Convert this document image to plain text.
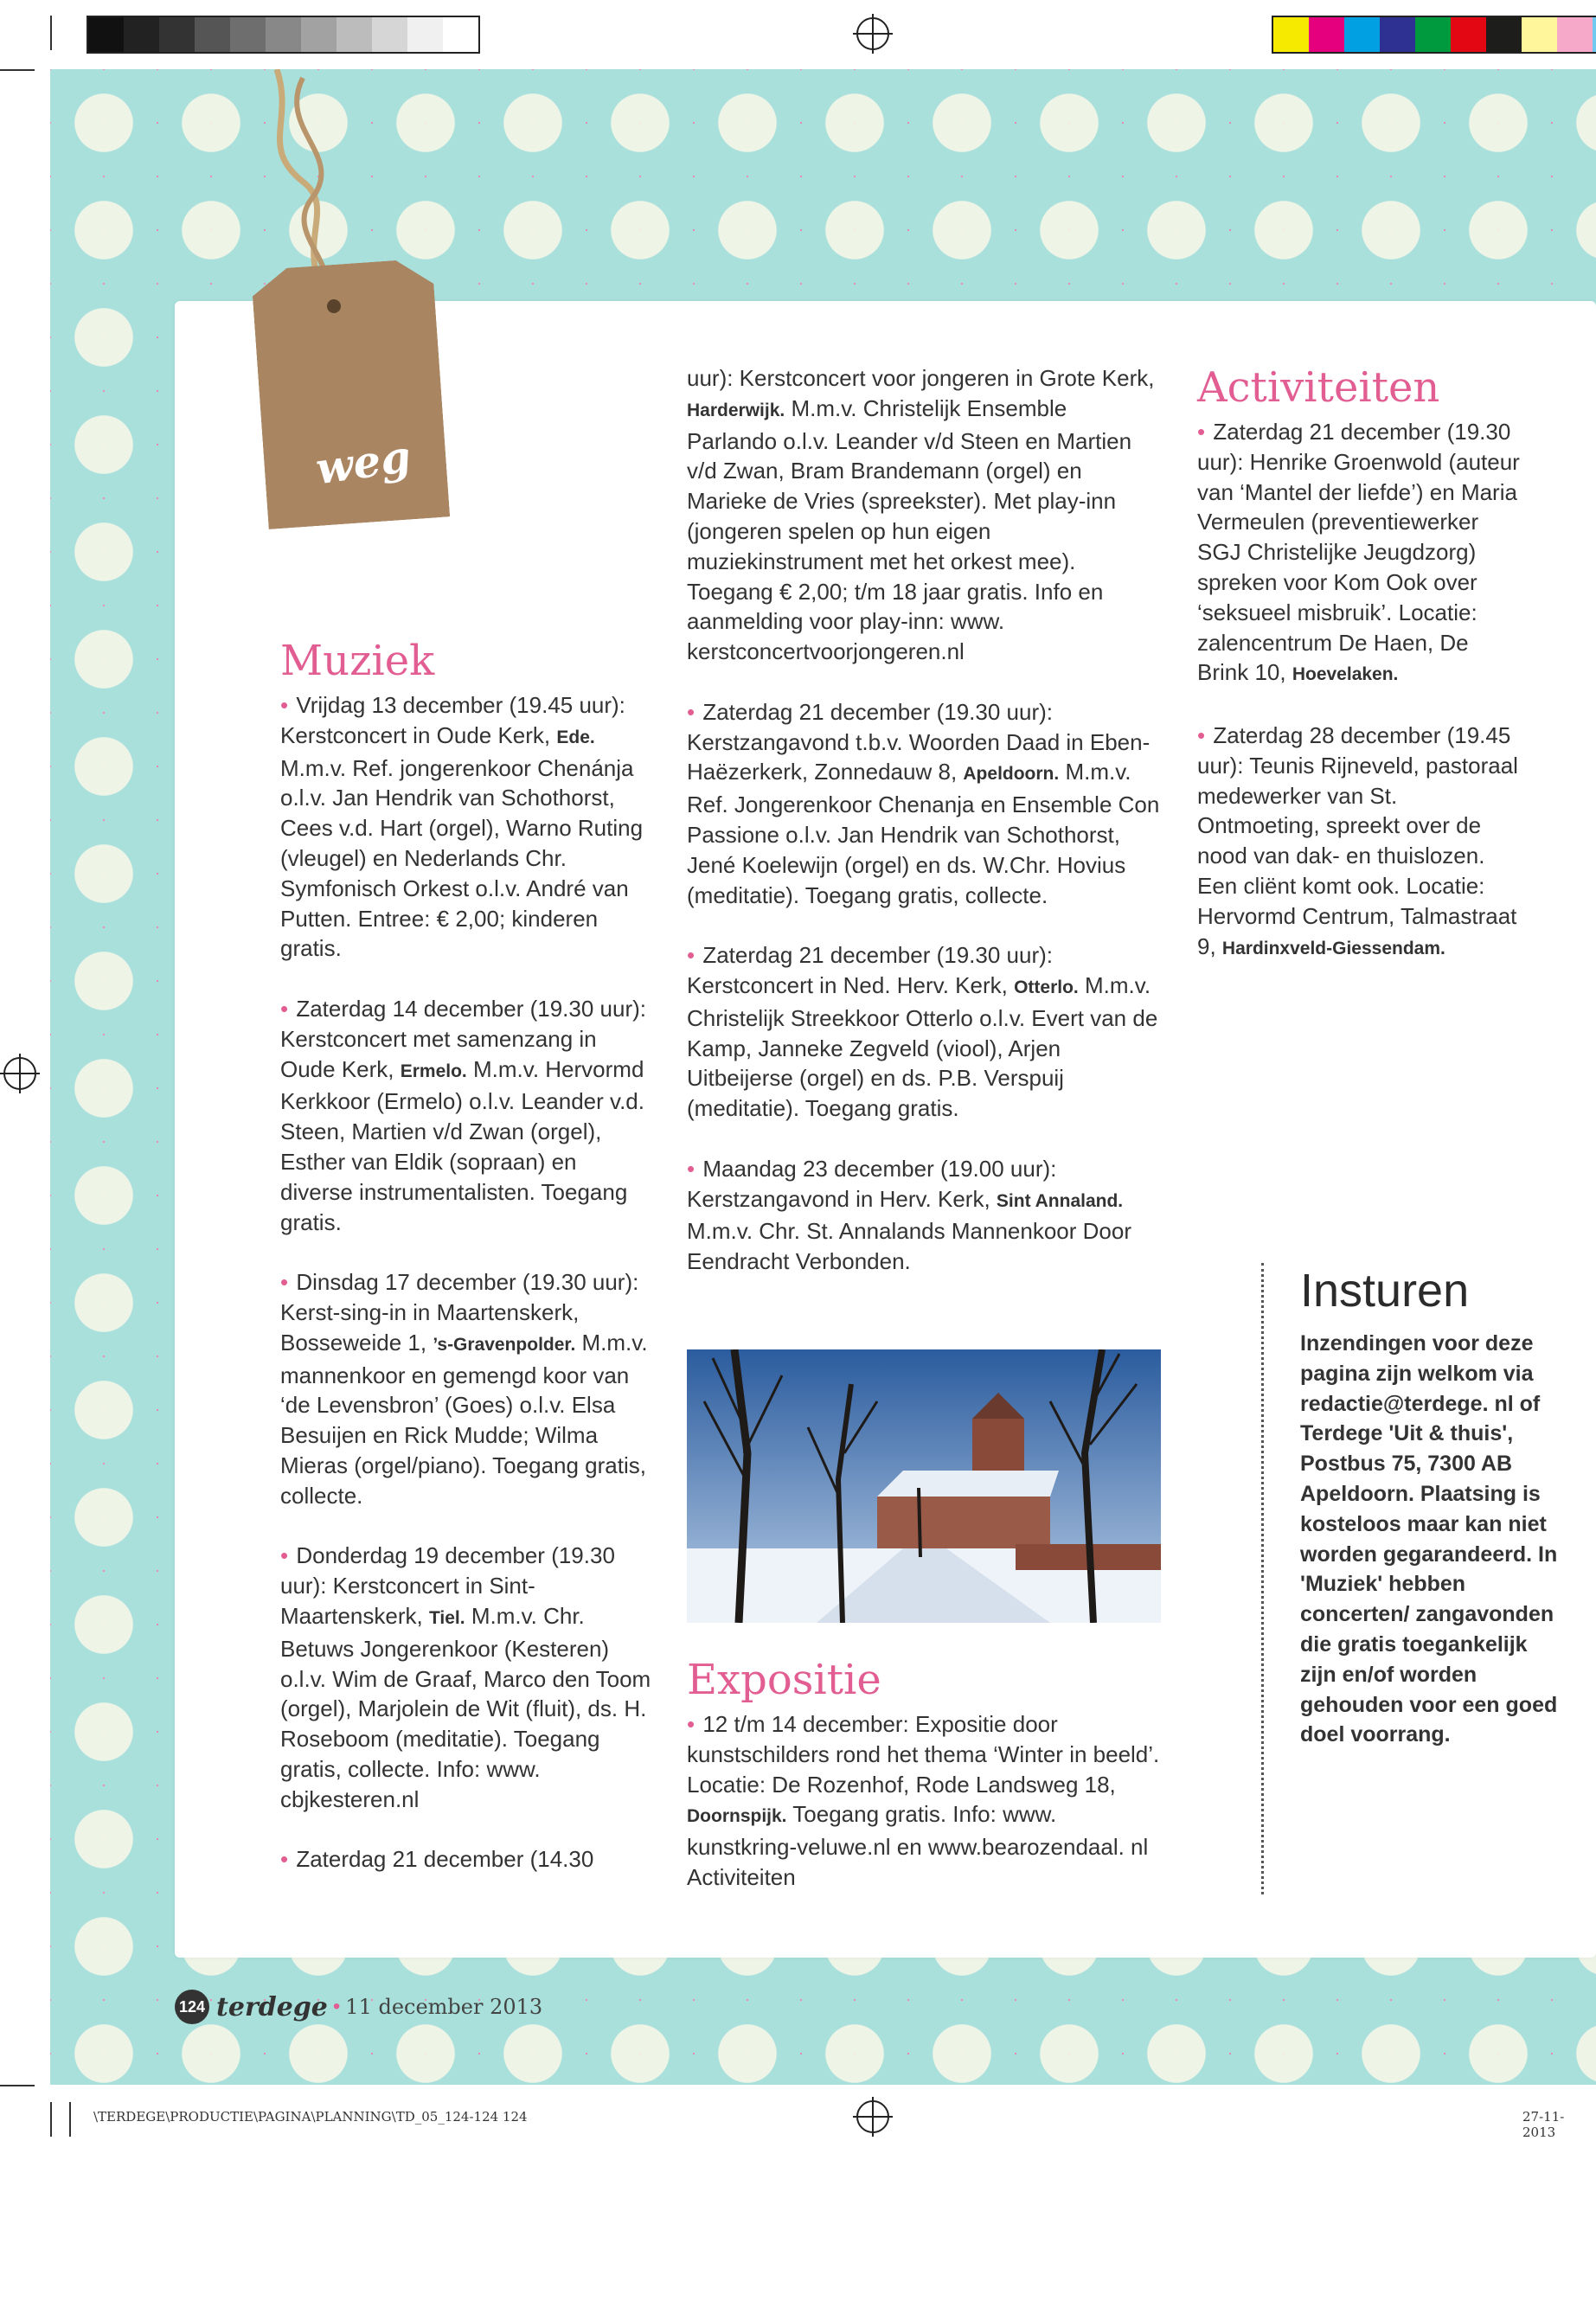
weg
Muziek

• Vrijdag 13 december (19.45 uur): Kerstconcert in Oude Kerk, Ede. M.m.v. Ref. jongerenkoor Chenánja o.l.v. Jan Hendrik van Schothorst, Cees v.d. Hart (orgel), Warno Ruting (vleugel) en Nederlands Chr. Symfonisch Orkest o.l.v. André van Putten. Entree: € 2,00; kinderen gratis.

• Zaterdag 14 december (19.30 uur): Kerstconcert met samenzang in Oude Kerk, Ermelo. M.m.v. Hervormd Kerkkoor (Ermelo) o.l.v. Leander v.d. Steen, Martien v/d Zwan (orgel), Esther van Eldik (sopraan) en diverse instrumentalisten. Toegang gratis.

• Dinsdag 17 december (19.30 uur): Kerst-sing-in in Maartenskerk, Bosseweide 1, ’s-Gravenpolder. M.m.v. mannenkoor en gemengd koor van ‘de Levensbron’ (Goes) o.l.v. Elsa Besuijen en Rick Mudde; Wilma Mieras (orgel/piano). Toegang gratis, collecte.

• Donderdag 19 december (19.30 uur): Kerstconcert in Sint-Maartenskerk, Tiel. M.m.v. Chr. Betuws Jongerenkoor (Kesteren) o.l.v. Wim de Graaf, Marco den Toom (orgel), Marjolein de Wit (fluit), ds. H. Roseboom (meditatie). Toegang gratis, collecte. Info: www. cbjkesteren.nl

• Zaterdag 21 december (14.30

uur): Kerstconcert voor jongeren in Grote Kerk, Harderwijk. M.m.v. Christelijk Ensemble Parlando o.l.v. Leander v/d Steen en Martien v/d Zwan, Bram Brandemann (orgel) en Marieke de Vries (spreekster). Met play-inn (jongeren spelen op hun eigen muziekinstrument met het orkest mee). Toegang € 2,00; t/m 18 jaar gratis. Info en aanmelding voor play-inn: www. kerstconcertvoorjongeren.nl

• Zaterdag 21 december (19.30 uur): Kerstzangavond t.b.v. Woorden Daad in Eben-Haëzerkerk, Zonnedauw 8, Apeldoorn. M.m.v. Ref. Jongerenkoor Chenanja en Ensemble Con Passione o.l.v. Jan Hendrik van Schothorst, Jené Koelewijn (orgel) en ds. W.Chr. Hovius (meditatie). Toegang gratis, collecte.

• Zaterdag 21 december (19.30 uur): Kerstconcert in Ned. Herv. Kerk, Otterlo. M.m.v. Christelijk Streekkoor Otterlo o.l.v. Evert van de Kamp, Janneke Zegveld (viool), Arjen Uitbeijerse (orgel) en ds. P.B. Verspuij (meditatie). Toegang gratis.

• Maandag 23 december (19.00 uur): Kerstzangavond in Herv. Kerk, Sint Annaland. M.m.v. Chr. St. Annalands Mannenkoor Door Eendracht Verbonden.

Expositie

• 12 t/m 14 december: Expositie door kunstschilders rond het thema ‘Winter in beeld’. Locatie: De Rozenhof, Rode Landsweg 18, Doornspijk. Toegang gratis. Info: www. kunstkring-veluwe.nl en www.bearozendaal. nl Activiteiten

Activiteiten

• Zaterdag 21 december (19.30 uur): Henrike Groenwold (auteur van ‘Mantel der liefde’) en Maria Vermeulen (preventiewerker SGJ Christelijke Jeugdzorg) spreken voor Kom Ook over ‘seksueel misbruik’. Locatie: zalencentrum De Haen, De Brink 10, Hoevelaken.

• Zaterdag 28 december (19.45 uur): Teunis Rijneveld, pastoraal medewerker van St. Ontmoeting, spreekt over de nood van dak- en thuislozen. Een cliënt komt ook. Locatie: Hervormd Centrum, Talmastraat 9, Hardinxveld-Giessendam.

Insturen

Inzendingen voor deze pagina zijn welkom via redactie@terdege. nl of Terdege 'Uit & thuis', Postbus 75, 7300 AB Apeldoorn. Plaatsing is kosteloos maar kan niet worden gegarandeerd. In 'Muziek' hebben concerten/ zangavonden die gratis toegankelijk zijn en/of worden gehouden voor een goed doel voorrang.

124 terdege • 11 december 2013
\TERDEGE\PRODUCTIE\PAGINA\PLANNING\TD_05_124-124 124	27-11-2013
